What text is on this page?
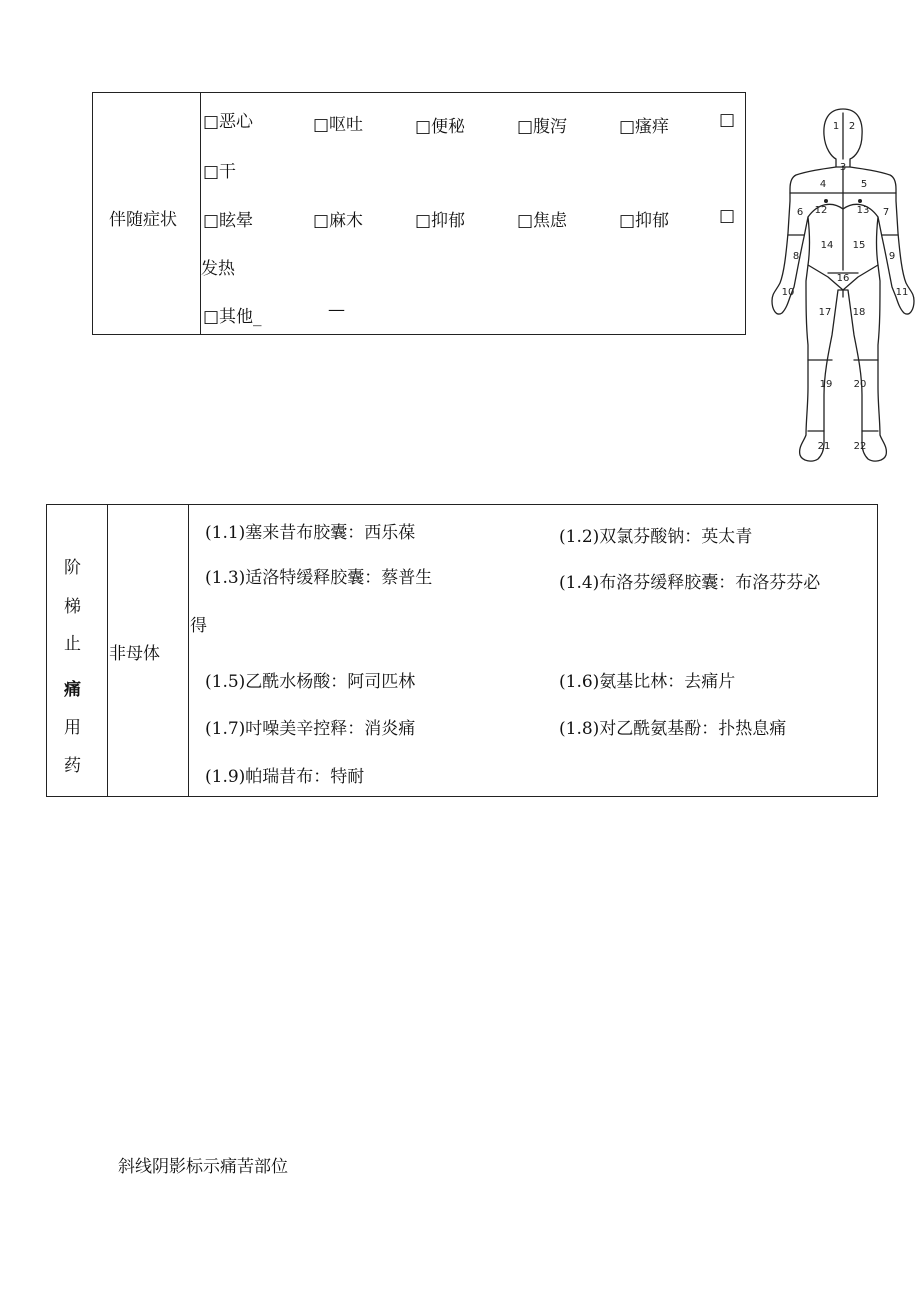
伴随症状
□恶心	□呕吐	□便秘	□腹泻	□瘙痒	□
□干
□眩晕	□麻木	□抑郁	□焦虑	□抑郁	□
发热
□其他_	—
1 2
3
4	5
6	7
8	9
10	11
12	13
14 15
16
17 18
19 20
21 22
阶
梯
止
痛
用
药
非母体
(1.1)塞来昔布胶囊：西乐葆	(1.2)双氯芬酸钠：英太青
(1.3)适洛特缓释胶囊：蔡普生	(1.4)布洛芬缓释胶囊：布洛芬芬必
得
(1.5)乙酰水杨酸：阿司匹林	(1.6)氨基比林：去痛片
(1.7)吋噪美辛控释：消炎痛	(1.8)对乙酰氨基酚：扑热息痛
(1.9)帕瑞昔布：特耐
斜线阴影标示痛苦部位
